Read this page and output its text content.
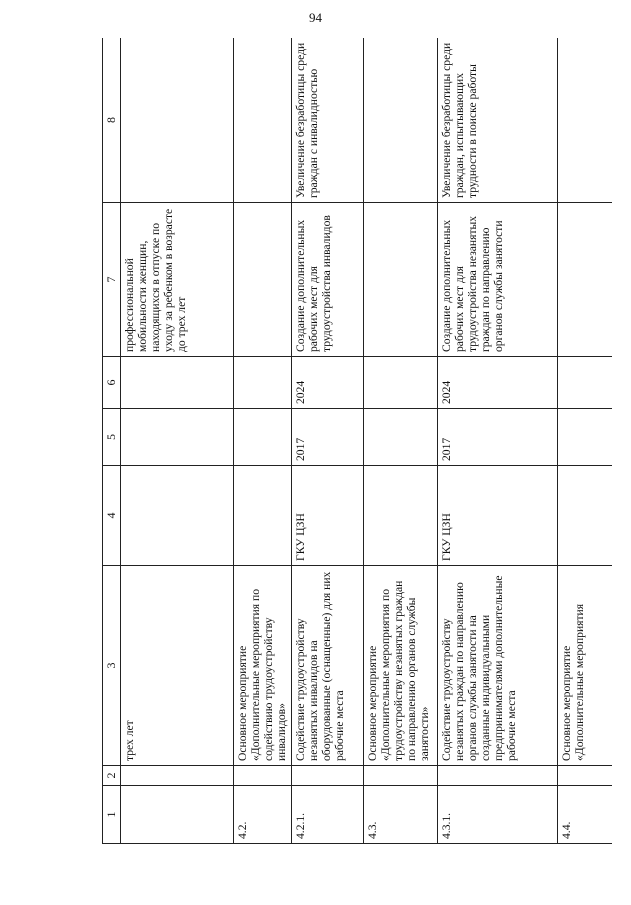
94
1	2	3	4	5	6	7	8
		трех лет				профессиональной мобильности женщин, находящихся в отпуске по уходу за ребенком в возрасте до трех лет	
4.2.		Основное мероприятие «Дополнительные мероприятия по содействию трудоустройству инвалидов»					
4.2.1.		Содействие трудоустройству незанятых инвалидов на оборудованные (оснащенные) для них рабочие места	ГКУ ЦЗН	2017	2024	Создание дополнительных рабочих мест для трудоустройства инвалидов	Увеличение безработицы среди граждан с инвалидностью
4.3.		Основное мероприятие «Дополнительные мероприятия по трудоустройству незанятых граждан по направлению органов службы занятости»					
4.3.1.		Содействие трудоустройству незанятых граждан по направлению органов службы занятости на созданные индивидуальными предпринимателями дополнительные рабочие места	ГКУ ЦЗН	2017	2024	Создание дополнительных рабочих мест для трудоустройства незанятых граждан по направлению органов службы занятости	Увеличение безработицы среди граждан, испытывающих трудности в поиске работы
4.4.		Основное мероприятие «Дополнительные мероприятия					
